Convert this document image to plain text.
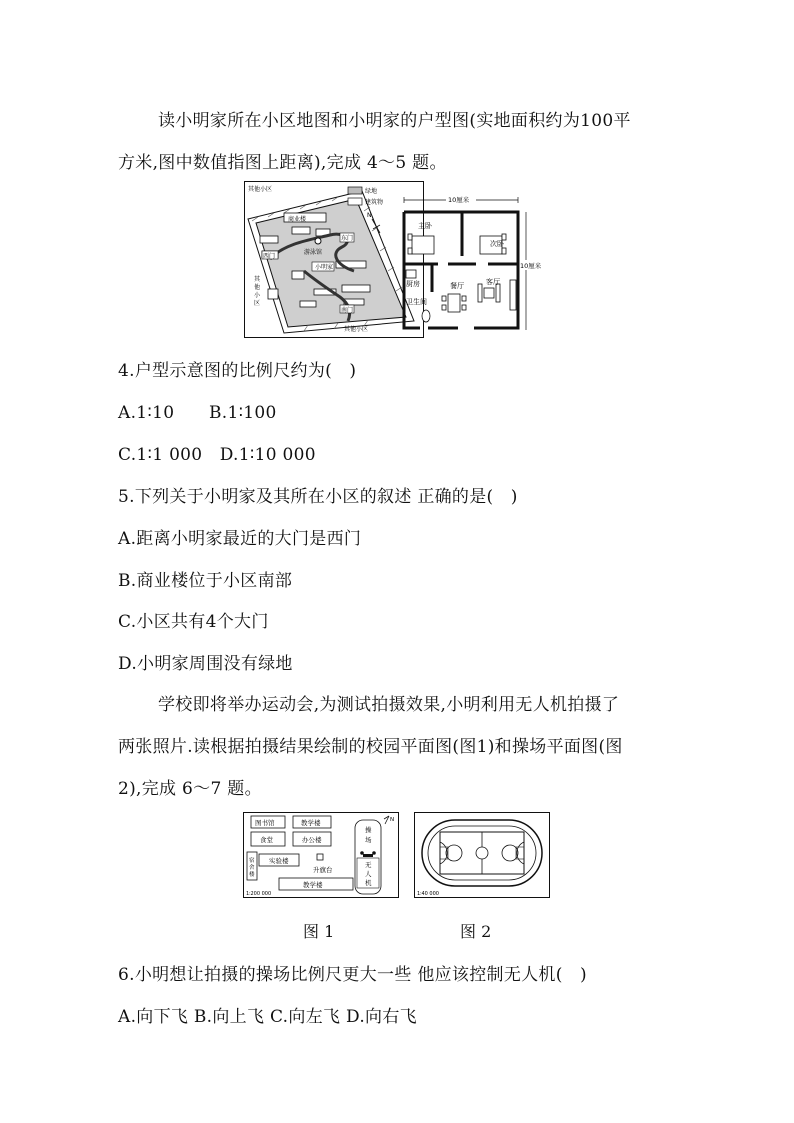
读小明家所在小区地图和小明家的户型图(实地面积约为100平
方米,图中数值指图上距离),完成 4～5 题。
绿地
建筑物
N
其他小区
商业楼
东门
西门
游泳馆
小明家
其
他
小
区
南门
其他小区
10厘米
10厘米
主卧
次卧
厨房	餐厅	客厅
卫生间
4.户型示意图的比例尺约为(　)
A.1∶10　　B.1∶100
C.1∶1 000　D.1∶10 000
5.下列关于小明家及其所在小区的叙述 正确的是(　)
A.距离小明家最近的大门是西门
B.商业楼位于小区南部
C.小区共有4个大门
D.小明家周围没有绿地
学校即将举办运动会,为测试拍摄效果,小明利用无人机拍摄了
两张照片.读根据拍摄结果绘制的校园平面图(图1)和操场平面图(图
2),完成 6～7 题。
图书馆	教学楼
食堂	办公楼
实验楼
升旗台
教学楼
操
场
无
人
机
宿
舍
楼
N
1∶200 000	1∶40 000
图 1	图 2
6.小明想让拍摄的操场比例尺更大一些 他应该控制无人机(　)
A.向下飞 B.向上飞 C.向左飞 D.向右飞
